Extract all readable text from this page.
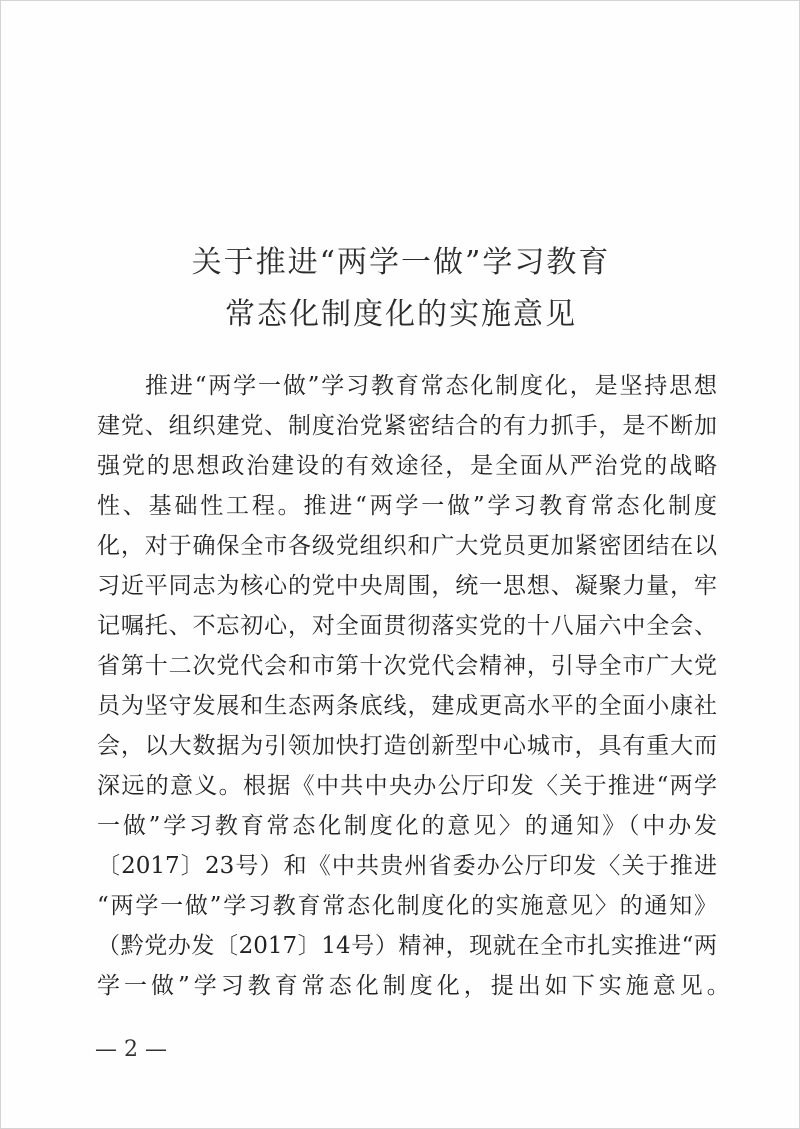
关于推进“两学一做”学习教育
常态化制度化的实施意见
推进“两学一做”学习教育常态化制度化，是坚持思想
建党、组织建党、制度治党紧密结合的有力抓手，是不断加
强党的思想政治建设的有效途径，是全面从严治党的战略
性、基础性工程。推进“两学一做”学习教育常态化制度
化，对于确保全市各级党组织和广大党员更加紧密团结在以
习近平同志为核心的党中央周围，统一思想、凝聚力量，牢
记嘱托、不忘初心，对全面贯彻落实党的十八届六中全会、
省第十二次党代会和市第十次党代会精神，引导全市广大党
员为坚守发展和生态两条底线，建成更高水平的全面小康社
会，以大数据为引领加快打造创新型中心城市，具有重大而
深远的意义。根据《中共中央办公厅印发〈关于推进“两学
一做”学习教育常态化制度化的意见〉的通知》（中办发
〔2017〕23号）和《中共贵州省委办公厅印发〈关于推进
“两学一做”学习教育常态化制度化的实施意见〉的通知》
（黔党办发〔2017〕14号）精神，现就在全市扎实推进“两
学一做”学习教育常态化制度化，提出如下实施意见。
— 2 —
